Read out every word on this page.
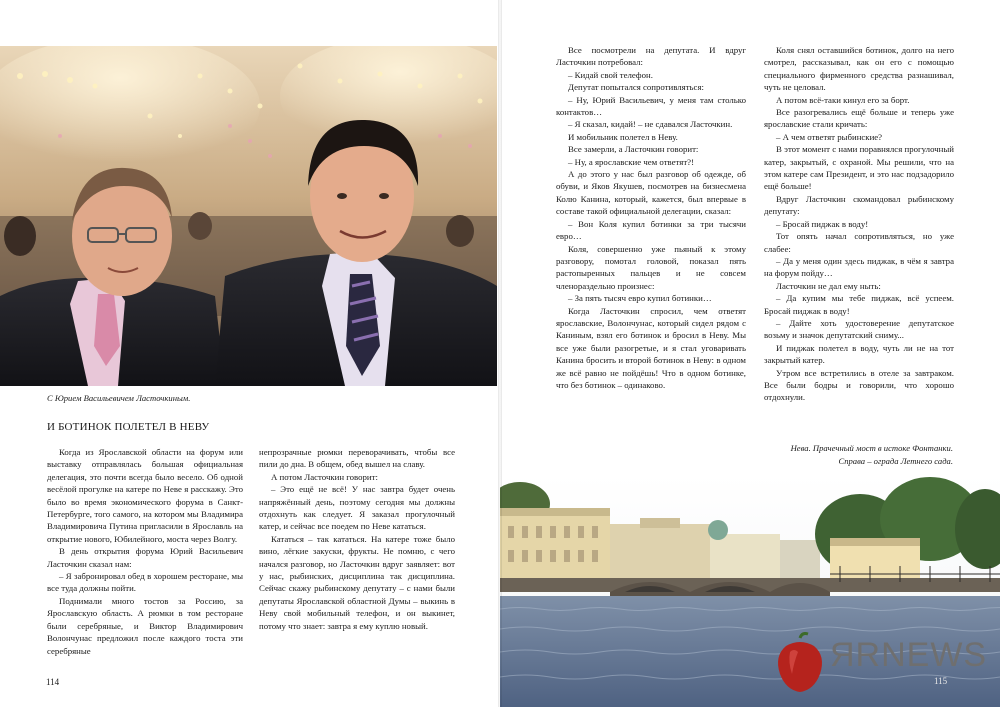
С Юрием Васильевичем Ласточкиным.
И БОТИНОК ПОЛЕТЕЛ В НЕВУ

Когда из Ярославской области на форум или выставку отправлялась большая официальная делегация, это почти всегда было весело. Об одной весёлой прогулке на катере по Неве я расскажу. Это было во время экономического форума в Санкт-Петербурге, того самого, на котором мы Владимира Владимировича Путина пригласили в Ярославль на открытие нового, Юбилейного, моста через Волгу.

В день открытия форума Юрий Васильевич Ласточкин сказал нам:

– Я забронировал обед в хорошем ресторане, мы все туда должны пойти.

Поднимали много тостов за Россию, за Ярославскую область. А рюмки в том ресторане были серебряные, и Виктор Владимирович Волончунас предложил после каждого тоста эти серебряные

непрозрачные рюмки переворачивать, чтобы все пили до дна. В общем, обед вышел на славу.

А потом Ласточкин говорит:

– Это ещё не всё! У нас завтра будет очень напряжённый день, поэтому сегодня мы должны отдохнуть как следует. Я заказал прогулочный катер, и сейчас все поедем по Неве кататься.

Кататься – так кататься. На катере тоже было вино, лёгкие закуски, фрукты. Не помню, с чего начался разговор, но Ласточкин вдруг заявляет: вот у нас, рыбинских, дисциплина так дисциплина. Сейчас скажу рыбинскому депутату – с нами были депутаты Ярославской областной Думы – выкинь в Неву свой мобильный телефон, и он выкинет, потому что знает: завтра я ему куплю новый.

114

Все посмотрели на депутата. И вдруг Ласточкин потребовал:

– Кидай свой телефон.

Депутат попытался сопротивляться:

– Ну, Юрий Васильевич, у меня там столько контактов…

– Я сказал, кидай! – не сдавался Ласточкин.

И мобильник полетел в Неву.

Все замерли, а Ласточкин говорит:

– Ну, а ярославские чем ответят?!

А до этого у нас был разговор об одежде, об обуви, и Яков Якушев, посмотрев на бизнесмена Колю Канина, который, кажется, был впервые в составе такой официальной делегации, сказал:

– Вон Коля купил ботинки за три тысячи евро…

Коля, совершенно уже пьяный к этому разговору, помотал головой, показал пять растопыренных пальцев и не совсем членораздельно произнес:

– За пять тысяч евро купил ботинки…

Когда Ласточкин спросил, чем ответят ярославские, Волончунас, который сидел рядом с Каниным, взял его ботинок и бросил в Неву. Мы все уже были разогрeтые, и я стал уговаривать Канина бросить и второй ботинок в Неву: в одном же всё равно не пойдёшь! Что в одном ботинке, что без ботинок – одинаково.

Коля снял оставшийся ботинок, долго на него смотрел, рассказывал, как он его с помощью специального фирменного средства разнашивал, чуть не целовал.

А потом всё-таки кинул его за борт.

Все разогревались ещё больше и теперь уже ярославские стали кричать:

– А чем ответят рыбинские?

В этот момент с нами поравнялся прогулочный катер, закрытый, с охраной. Мы решили, что на этом катере сам Президент, и это нас подзадорило ещё больше!

Вдруг Ласточкин скомандовал рыбинскому депутату:

– Бросай пиджак в воду!

Тот опять начал сопротивляться, но уже слабее:

– Да у меня один здесь пиджак, в чём я завтра на форум пойду…

Ласточкин не дал ему ныть:

– Да купим мы тебе пиджак, всё успеем. Бросай пиджак в воду!

– Дайте хоть удостоверение депутатское возьму и значок депутатский сниму...

И пиджак полетел в воду, чуть ли не на тот закрытый катер.

Утром все встретились в отеле за завтраком. Все были бодры и говорили, что хорошо отдохнули.

Нева. Прачечный мост в истоке Фонтанки.
Справа – ограда Летнего сада.
ЯRNEWS
115
